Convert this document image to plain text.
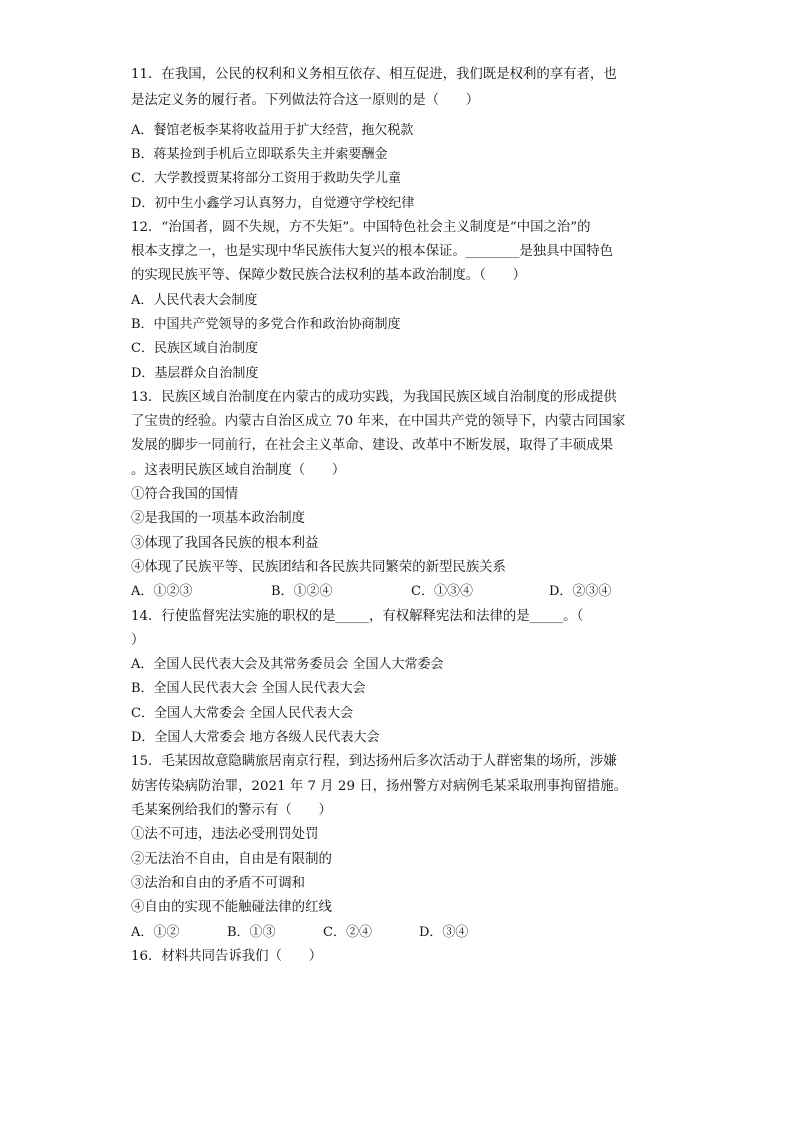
11．在我国，公民的权利和义务相互依存、相互促进，我们既是权利的享有者，也
是法定义务的履行者。下列做法符合这一原则的是（　　）
A．餐馆老板李某将收益用于扩大经营，拖欠税款
B．蒋某捡到手机后立即联系失主并索要酬金
C．大学教授贾某将部分工资用于救助失学儿童
D．初中生小鑫学习认真努力，自觉遵守学校纪律
12．“治国者，圆不失规，方不失矩”。中国特色社会主义制度是“中国之治”的
根本支撑之一，也是实现中华民族伟大复兴的根本保证。________是独具中国特色
的实现民族平等、保障少数民族合法权利的基本政治制度。（　　）
A．人民代表大会制度
B．中国共产党领导的多党合作和政治协商制度
C．民族区域自治制度
D．基层群众自治制度
13．民族区域自治制度在内蒙古的成功实践，为我国民族区域自治制度的形成提供
了宝贵的经验。内蒙古自治区成立 70 年来，在中国共产党的领导下，内蒙古同国家
发展的脚步一同前行，在社会主义革命、建设、改革中不断发展，取得了丰硕成果
。这表明民族区域自治制度（　　）
①符合我国的国情
②是我国的一项基本政治制度
③体现了我国各民族的根本利益
④体现了民族平等、民族团结和各民族共同繁荣的新型民族关系
A．①②③	B．①②④	C．①③④	D．②③④
14．行使监督宪法实施的职权的是_____，有权解释宪法和法律的是_____。（
）
A．全国人民代表大会及其常务委员会 全国人大常委会
B．全国人民代表大会 全国人民代表大会
C．全国人大常委会 全国人民代表大会
D．全国人大常委会 地方各级人民代表大会
15．毛某因故意隐瞒旅居南京行程，到达扬州后多次活动于人群密集的场所，涉嫌
妨害传染病防治罪，2021 年 7 月 29 日，扬州警方对病例毛某采取刑事拘留措施。
毛某案例给我们的警示有（　　）
①法不可违，违法必受刑罚处罚
②无法治不自由，自由是有限制的
③法治和自由的矛盾不可调和
④自由的实现不能触碰法律的红线
A．①②	B．①③	C．②④	D．③④
16．材料共同告诉我们（　　）
